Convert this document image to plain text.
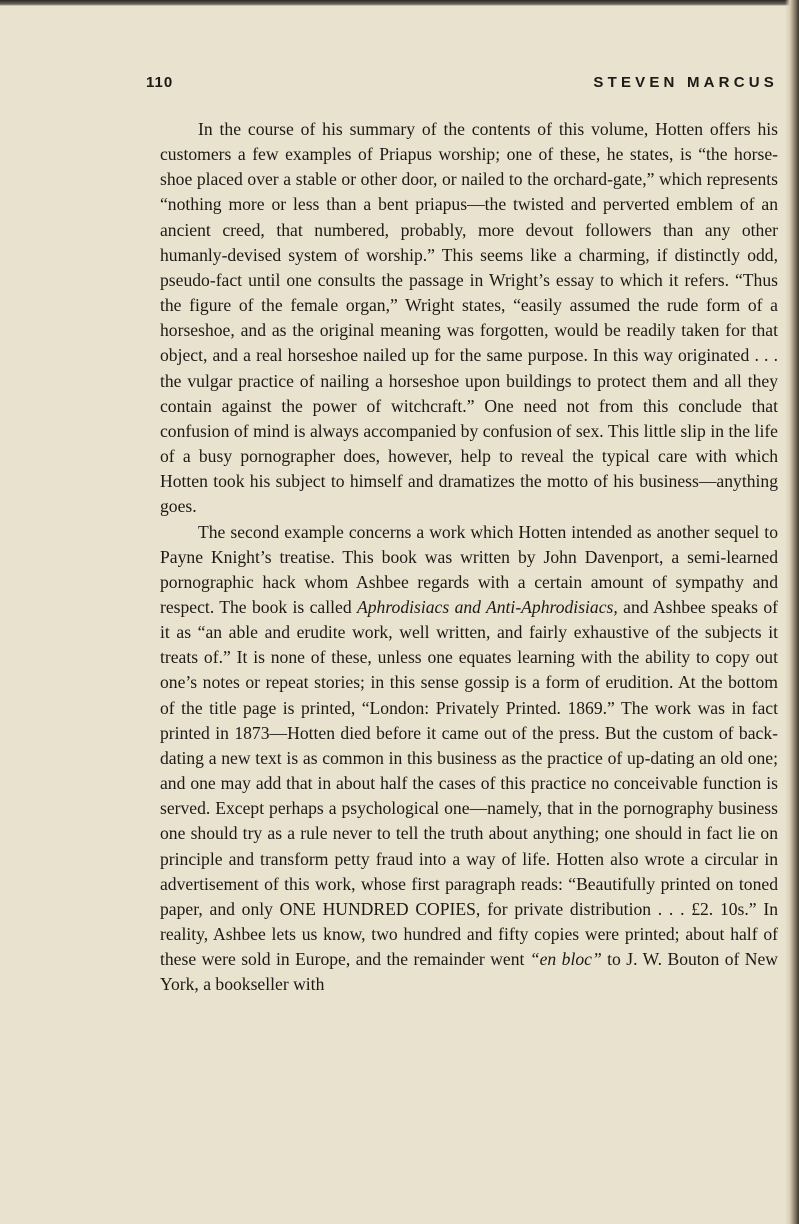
110	STEVEN MARCUS

In the course of his summary of the contents of this volume, Hotten offers his customers a few examples of Priapus worship; one of these, he states, is “the horse-shoe placed over a stable or other door, or nailed to the orchard-gate,” which represents “nothing more or less than a bent priapus—the twisted and perverted emblem of an ancient creed, that numbered, probably, more devout followers than any other humanly-devised system of worship.” This seems like a charming, if distinctly odd, pseudo-fact until one consults the passage in Wright’s essay to which it refers. “Thus the figure of the female organ,” Wright states, “easily assumed the rude form of a horseshoe, and as the original meaning was forgotten, would be readily taken for that object, and a real horseshoe nailed up for the same purpose. In this way originated . . . the vulgar practice of nailing a horseshoe upon buildings to protect them and all they contain against the power of witchcraft.” One need not from this conclude that confusion of mind is always accompanied by confusion of sex. This little slip in the life of a busy pornographer does, however, help to reveal the typical care with which Hotten took his subject to himself and dramatizes the motto of his business—anything goes.

The second example concerns a work which Hotten intended as another sequel to Payne Knight’s treatise. This book was written by John Davenport, a semi-learned pornographic hack whom Ashbee regards with a certain amount of sympathy and respect. The book is called Aphrodisiacs and Anti-Aphrodisiacs, and Ashbee speaks of it as “an able and erudite work, well written, and fairly exhaustive of the subjects it treats of.” It is none of these, unless one equates learning with the ability to copy out one’s notes or repeat stories; in this sense gossip is a form of erudition. At the bottom of the title page is printed, “London: Privately Printed. 1869.” The work was in fact printed in 1873—Hotten died before it came out of the press. But the custom of back-dating a new text is as common in this business as the practice of up-dating an old one; and one may add that in about half the cases of this practice no conceivable function is served. Except perhaps a psychological one—namely, that in the pornography business one should try as a rule never to tell the truth about anything; one should in fact lie on principle and transform petty fraud into a way of life. Hotten also wrote a circular in advertisement of this work, whose first paragraph reads: “Beautifully printed on toned paper, and only ONE HUNDRED COPIES, for private distribution . . . £2. 10s.” In reality, Ashbee lets us know, two hundred and fifty copies were printed; about half of these were sold in Europe, and the remainder went “en bloc” to J. W. Bouton of New York, a bookseller with
